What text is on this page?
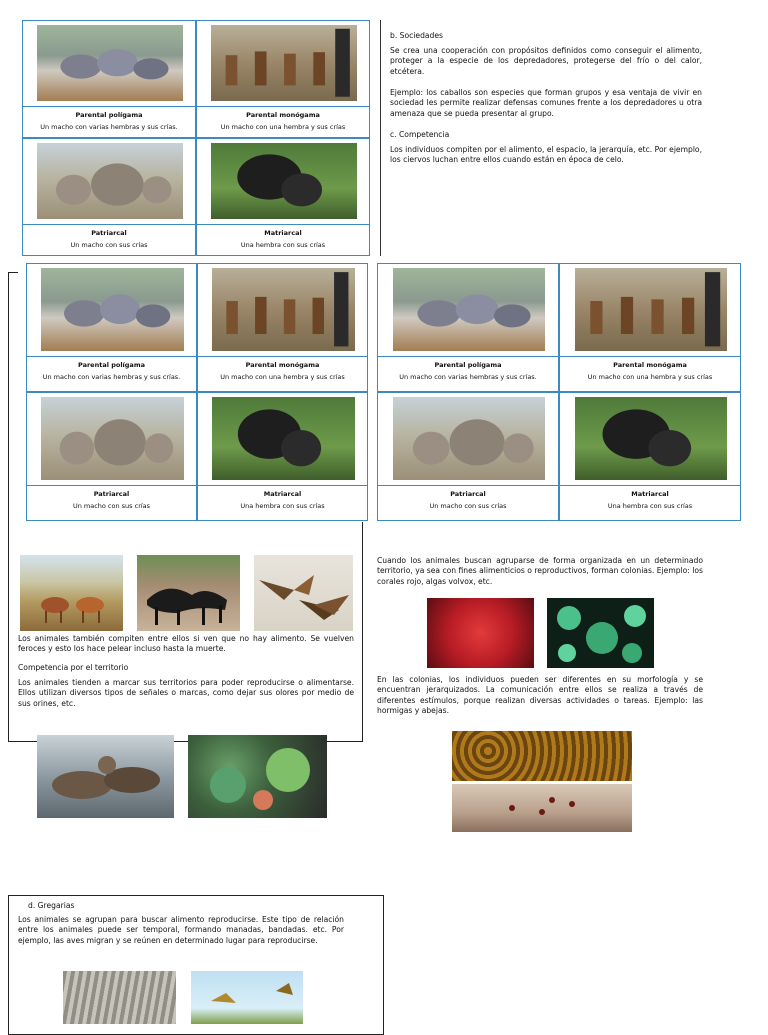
Parental polígama
Un macho con varias hembras y sus crías.
Parental monógama
Un macho con una hembra y sus crías
Patriarcal
Un macho con sus crías
Matriarcal
Una hembra con sus crías
Parental polígama
Un macho con varias hembras y sus crías.
Parental monógama
Un macho con una hembra y sus crías
Patriarcal
Un macho con sus crías
Matriarcal
Una hembra con sus crías
Parental polígama
Un macho con varias hembras y sus crías.
Parental monógama
Un macho con una hembra y sus crías
Patriarcal
Un macho con sus crías
Matriarcal
Una hembra con sus crías
b. Sociedades
Se crea una cooperación con propósitos definidos como conseguir el alimento, proteger a la especie de los depredadores, protegerse del frío o del calor, etcétera.
Ejemplo: los caballos son especies que forman grupos y esa ventaja de vivir en sociedad les permite realizar defensas comunes frente a los depredadores u otra amenaza que se pueda presentar al grupo.
c. Competencia
Los individuos compiten por el alimento, el espacio, la jerarquía, etc. Por ejemplo, los ciervos luchan entre ellos cuando están en época de celo.
Los animales también compiten entre ellos si ven que no hay alimento. Se vuelven feroces y esto los hace pelear incluso hasta la muerte.
Competencia por el territorio
Los animales tienden a marcar sus territorios para poder reproducirse o alimentarse. Ellos utilizan diversos tipos de señales o marcas, como dejar sus olores por medio de sus orines, etc.
Cuando los animales buscan agruparse de forma organizada en un determinado territorio, ya sea con fines alimenticios o reproductivos, forman colonias. Ejemplo: los corales rojo, algas volvox, etc.
En las colonias, los individuos pueden ser diferentes en su morfología y se encuentran jerarquizados. La comunicación entre ellos se realiza a través de diferentes estímulos, porque realizan diversas actividades o tareas. Ejemplo: las hormigas y abejas.
d. Gregarias
Los animales se agrupan para buscar alimento reproducirse. Este tipo de relación entre los animales puede ser temporal, formando manadas, bandadas. etc. Por ejemplo, las aves migran y se reúnen en determinado lugar para reproducirse.
